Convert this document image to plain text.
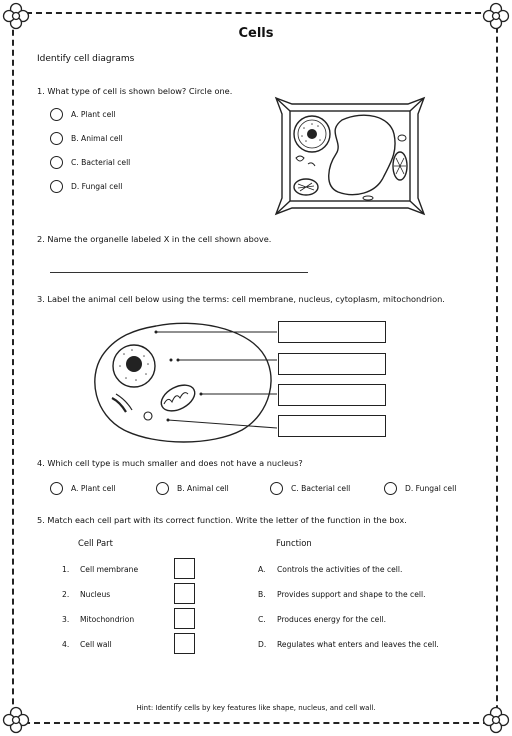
Cells
Identify cell diagrams
1. What type of cell is shown below? Circle one.
A. Plant cell
B. Animal cell
C. Bacterial cell
D. Fungal cell
2. Name the organelle labeled X in the cell shown above.
3. Label the animal cell below using the terms: cell membrane, nucleus, cytoplasm, mitochondrion.
4. Which cell type is much smaller and does not have a nucleus?
A. Plant cell	B. Animal cell	C. Bacterial cell	D. Fungal cell
5. Match each cell part with its correct function. Write the letter of the function in the box.
Cell Part	Function
1. Cell membrane	A. Controls the activities of the cell.
2. Nucleus	B. Provides support and shape to the cell.
3. Mitochondrion	C. Produces energy for the cell.
4. Cell wall	D. Regulates what enters and leaves the cell.
Hint: Identify cells by key features like shape, nucleus, and cell wall.
